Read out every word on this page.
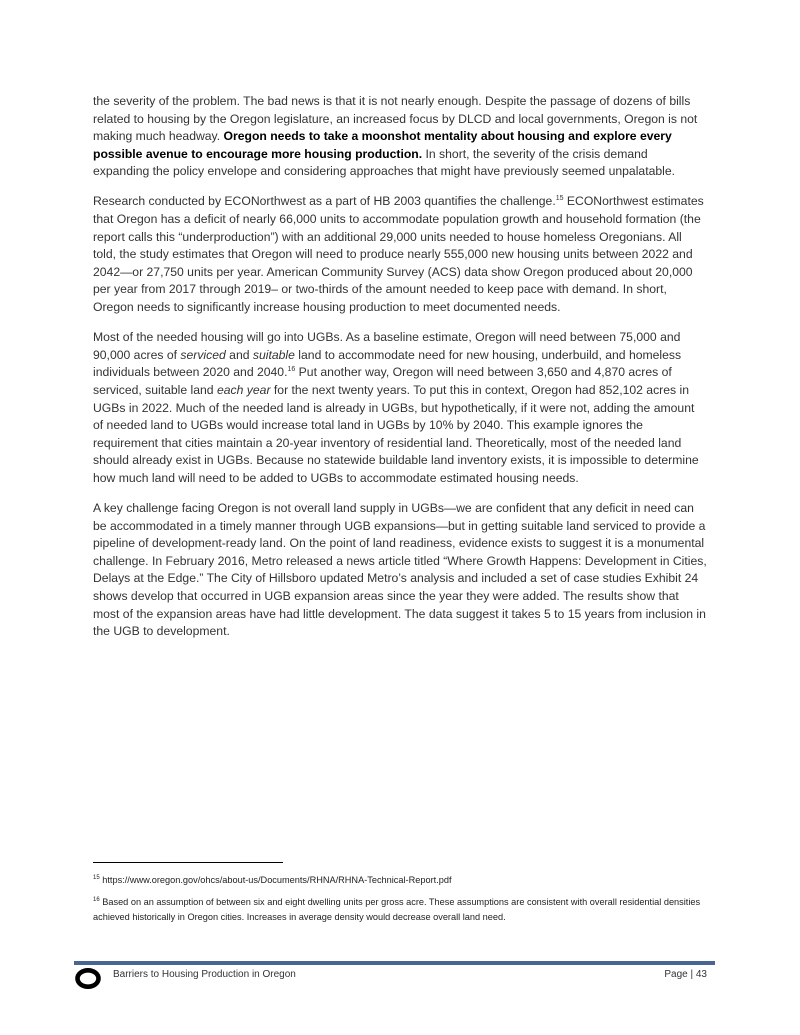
the severity of the problem. The bad news is that it is not nearly enough. Despite the passage of dozens of bills related to housing by the Oregon legislature, an increased focus by DLCD and local governments, Oregon is not making much headway. Oregon needs to take a moonshot mentality about housing and explore every possible avenue to encourage more housing production. In short, the severity of the crisis demand expanding the policy envelope and considering approaches that might have previously seemed unpalatable.

Research conducted by ECONorthwest as a part of HB 2003 quantifies the challenge.$^{15}$ ECONorthwest estimates that Oregon has a deficit of nearly 66,000 units to accommodate population growth and household formation (the report calls this “underproduction”) with an additional 29,000 units needed to house homeless Oregonians. All told, the study estimates that Oregon will need to produce nearly 555,000 new housing units between 2022 and 2042—or 27,750 units per year. American Community Survey (ACS) data show Oregon produced about 20,000 per year from 2017 through 2019– or two-thirds of the amount needed to keep pace with demand. In short, Oregon needs to significantly increase housing production to meet documented needs.

Most of the needed housing will go into UGBs. As a baseline estimate, Oregon will need between 75,000 and 90,000 acres of serviced and suitable land to accommodate need for new housing, underbuild, and homeless individuals between 2020 and 2040.16 Put another way, Oregon will need between 3,650 and 4,870 acres of serviced, suitable land each year for the next twenty years. To put this in context, Oregon had 852,102 acres in UGBs in 2022. Much of the needed land is already in UGBs, but hypothetically, if it were not, adding the amount of needed land to UGBs would increase total land in UGBs by 10% by 2040. This example ignores the requirement that cities maintain a 20-year inventory of residential land. Theoretically, most of the needed land should already exist in UGBs. Because no statewide buildable land inventory exists, it is impossible to determine how much land will need to be added to UGBs to accommodate estimated housing needs.

A key challenge facing Oregon is not overall land supply in UGBs—we are confident that any deficit in need can be accommodated in a timely manner through UGB expansions—but in getting suitable land serviced to provide a pipeline of development-ready land. On the point of land readiness, evidence exists to suggest it is a monumental challenge. In February 2016, Metro released a news article titled “Where Growth Happens: Development in Cities, Delays at the Edge.” The City of Hillsboro updated Metro’s analysis and included a set of case studies Exhibit 24 shows develop that occurred in UGB expansion areas since the year they were added. The results show that most of the expansion areas have had little development. The data suggest it takes 5 to 15 years from inclusion in the UGB to development.

$^{15}$ https://www.oregon.gov/ohcs/about-us/Documents/RHNA/RHNA-Technical-Report.pdf

$^{16}$ Based on an assumption of between six and eight dwelling units per gross acre. These assumptions are consistent with overall residential densities achieved historically in Oregon cities. Increases in average density would decrease overall land need.

Barriers to Housing Production in Oregon	Page | 43
